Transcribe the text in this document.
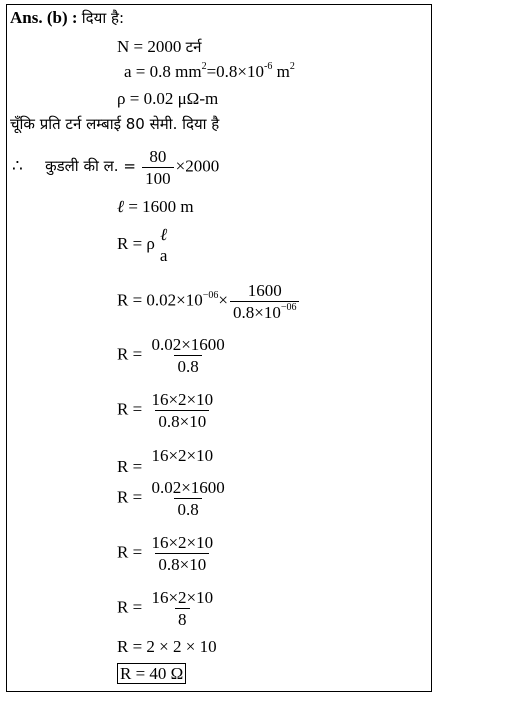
Ans. (b) : दिया है:
N = 2000 टर्न
a = 0.8 $mm^2=0.8\times 10^{-6}$ $m^2$
ρ = 0.02 μΩ-m
चूँकि प्रति टर्न लम्बाई 80 सेमी. दिया है
∴ कुडली की ल. = $\frac{80}{100} \times 2000$
ℓ = 1600 m
R = ρ ℓ
a
$R = 0.02\times 10^{-06}\times \frac{1600}{0.8\times 10^{-06}}$
$R = \frac{0.02\times 1600}{0.8}$
$R = \frac{16\times 2\times 10}{0.8\times 10}$
R =
16×2×10
$R = \frac{0.02\times 1600}{0.8}$
$R = \frac{16\times 2\times 10}{0.8\times 10}$
$R = \frac{16\times 2\times 10}{8}$
R = 2 × 2 × 10
R = 40 Ω
